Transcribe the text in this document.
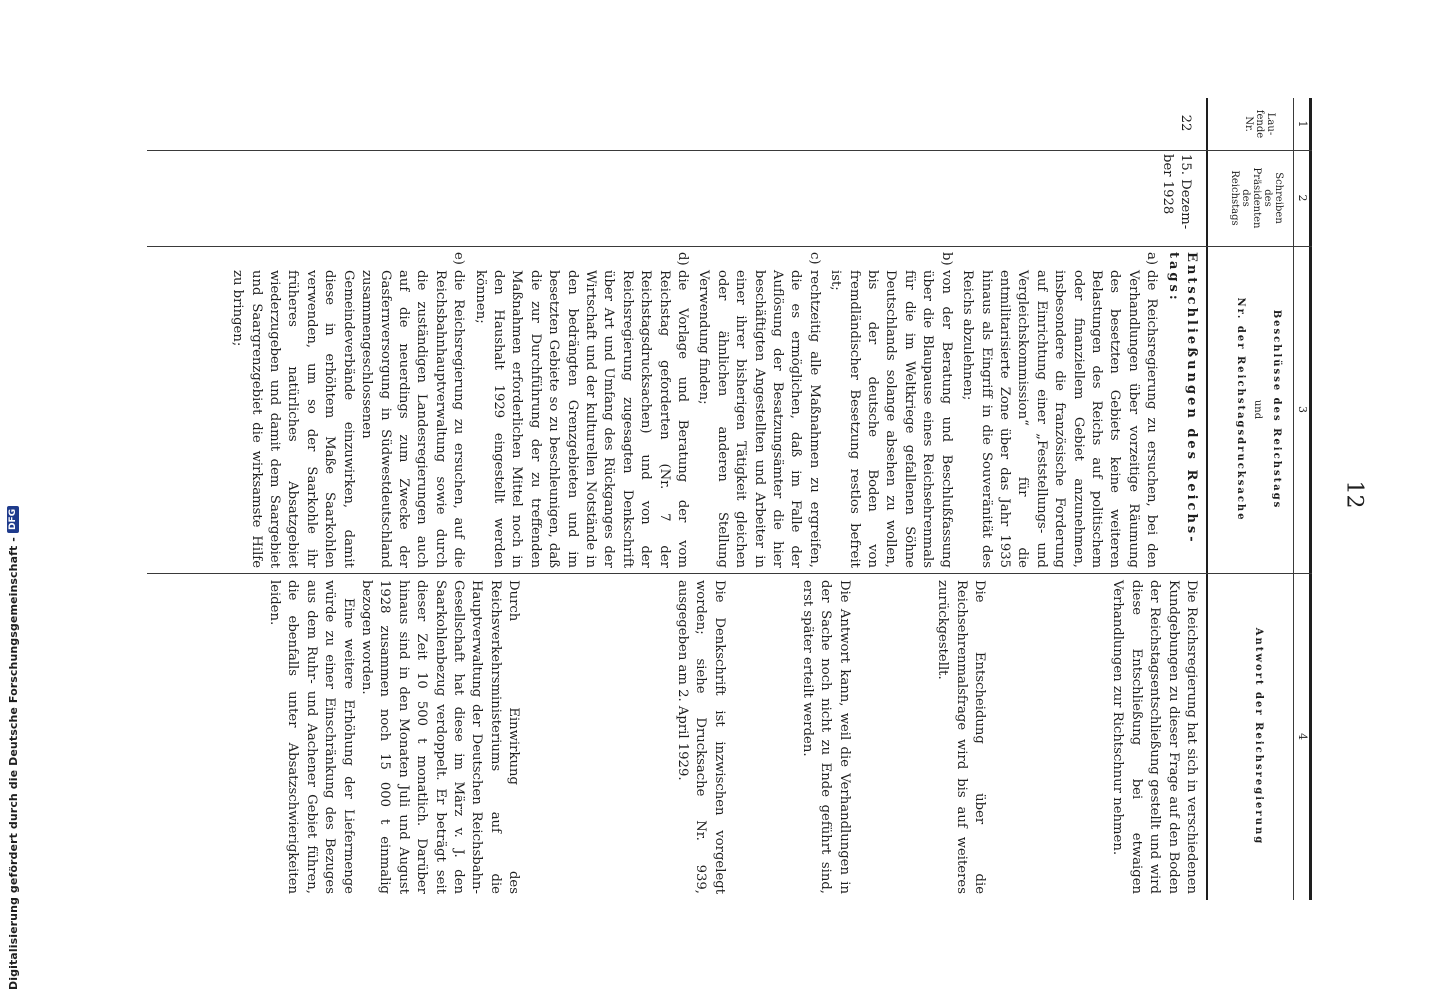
Digitalisierung gefördert durch die Deutsche Forschungsgemeinschaft -
DFG
12
1
2
3
4
Lau-
fende
Nr.
Schreiben
des
Präsidenten
des
Reichstags
Beschlüsse des Reichstags
und
Nr. der Reichstagsdrucksache
Antwort der Reichsregierung
22
15. Dezem-
ber 1928

Entschließungen des Reichs-
tags:

a)

die Reichsregierung zu ersuchen, bei den Verhandlungen über vorzeitige Räumung des besetzten Gebiets keine weiteren Belastungen des Reichs auf politischem oder finanziellem Gebiet anzunehmen, insbesondere die französische Forderung auf Einrichtung einer „Feststellungs- und Vergleichskommission“ für die entmilitarisierte Zone über das Jahr 1935 hinaus als Eingriff in die Souveränität des Reichs abzulehnen;

b)

von der Beratung und Beschlußfassung über die Blaupause eines Reichsehrenmals für die im Weltkriege gefallenen Söhne Deutschlands solange absehen zu wollen, bis der deutsche Boden von fremdländischer Besetzung restlos befreit ist;

c)

rechtzeitig alle Maßnahmen zu ergreifen, die es ermöglichen, daß im Falle der Auflösung der Besatzungsämter die hier beschäftigten Angestellten und Arbeiter in einer ihrer bisherigen Tätigkeit gleichen oder ähnlichen anderen Stellung Verwendung finden;

d)

die Vorlage und Beratung der vom Reichstag geforderten (Nr. 7 der Reichstagsdrucksachen) und von der Reichsregierung zugesagten Denkschrift über Art und Umfang des Rückganges der Wirtschaft und der kulturellen Notstände in den bedrängten Grenzgebieten und im besetzten Gebiete so zu beschleunigen, daß die zur Durchführung der zu treffenden Maßnahmen erforderlichen Mittel noch in den Haushalt 1929 eingestellt werden können;

e)

die Reichsregierung zu ersuchen, auf die Reichsbahnhauptverwaltung sowie durch die zuständigen Landesregierungen auch auf die neuerdings zum Zwecke der Gasfernversorgung in Südwestdeutschland zusammengeschlossenen Gemeindeverbände einzuwirken, damit diese in erhöhtem Maße Saarkohlen verwenden, um so der Saarkohle ihr früheres natürliches Absatzgebiet wiederzugeben und damit dem Saargebiet und Saargrenzgebiet die wirksamste Hilfe zu bringen;

Die Reichsregierung hat sich in verschiedenen Kundgebungen zu dieser Frage auf den Boden der Reichstagsentschließung gestellt und wird diese Entschließung bei etwaigen Verhandlungen zur Richtschnur nehmen.

Die Entscheidung über die Reichsehrenmalsfrage wird bis auf weiteres zurückgestellt.

Die Antwort kann, weil die Verhandlungen in der Sache noch nicht zu Ende geführt sind, erst später erteilt werden.

Die Denkschrift ist inzwischen vorgelegt worden; siehe Drucksache Nr. 939, ausgegeben am 2. April 1929.

Durch Einwirkung des Reichsverkehrsministeriums auf die Hauptverwaltung der Deutschen Reichsbahn-Gesellschaft hat diese im März v. J. den Saarkohlenbezug verdoppelt. Er beträgt seit dieser Zeit 10 500 t monatlich. Darüber hinaus sind in den Monaten Juli und August 1928 zusammen noch 15 000 t einmalig bezogen worden.

Eine weitere Erhöhung der Liefermenge würde zu einer Einschränkung des Bezuges aus dem Ruhr- und Aachener Gebiet führen, die ebenfalls unter Absatzschwierigkeiten leiden.
